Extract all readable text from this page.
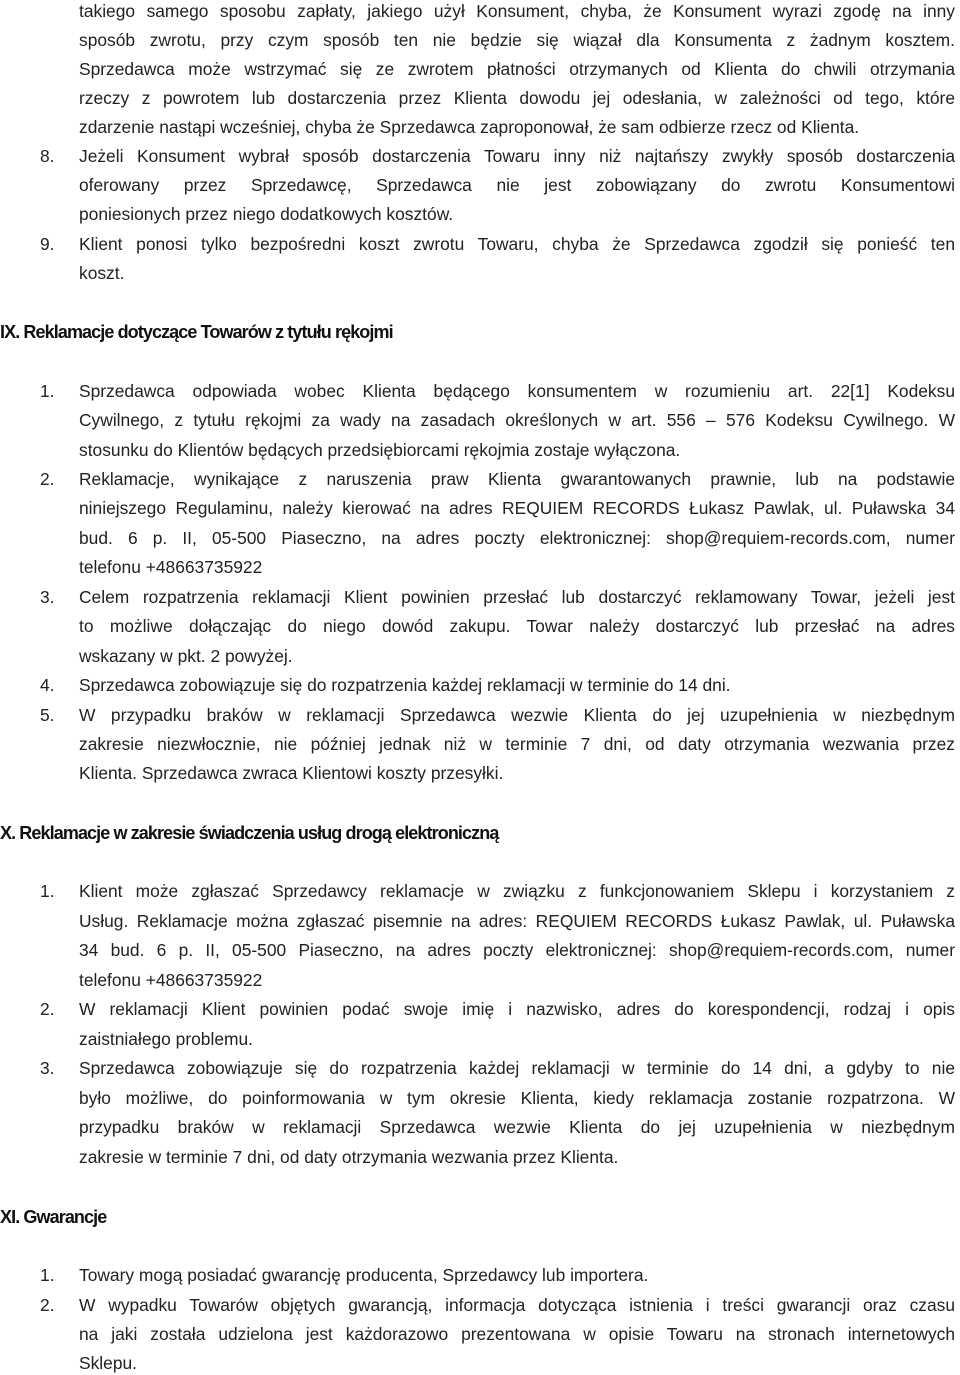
takiego samego sposobu zapłaty, jakiego użył Konsument, chyba, że Konsument wyrazi zgodę na inny
sposób zwrotu, przy czym sposób ten nie będzie się wiązał dla Konsumenta z żadnym kosztem.
Sprzedawca może wstrzymać się ze zwrotem płatności otrzymanych od Klienta do chwili otrzymania
rzeczy z powrotem lub dostarczenia przez Klienta dowodu jej odesłania, w zależności od tego, które
zdarzenie nastąpi wcześniej, chyba że Sprzedawca zaproponował, że sam odbierze rzecz od Klienta.
8. Jeżeli Konsument wybrał sposób dostarczenia Towaru inny niż najtańszy zwykły sposób dostarczenia
oferowany przez Sprzedawcę, Sprzedawca nie jest zobowiązany do zwrotu Konsumentowi
poniesionych przez niego dodatkowych kosztów.
9. Klient ponosi tylko bezpośredni koszt zwrotu Towaru, chyba że Sprzedawca zgodził się ponieść ten
koszt.
IX. Reklamacje dotyczące Towarów z tytułu rękojmi
1. Sprzedawca odpowiada wobec Klienta będącego konsumentem w rozumieniu art. 22[1] Kodeksu
Cywilnego, z tytułu rękojmi za wady na zasadach określonych w art. 556 – 576 Kodeksu Cywilnego. W
stosunku do Klientów będących przedsiębiorcami rękojmia zostaje wyłączona.
2. Reklamacje, wynikające z naruszenia praw Klienta gwarantowanych prawnie, lub na podstawie
niniejszego Regulaminu, należy kierować na adres REQUIEM RECORDS Łukasz Pawlak, ul. Puławska 34
bud. 6 p. II, 05-500 Piaseczno, na adres poczty elektronicznej: shop@requiem-records.com, numer
telefonu +48663735922
3. Celem rozpatrzenia reklamacji Klient powinien przesłać lub dostarczyć reklamowany Towar, jeżeli jest
to możliwe dołączając do niego dowód zakupu. Towar należy dostarczyć lub przesłać na adres
wskazany w pkt. 2 powyżej.
4. Sprzedawca zobowiązuje się do rozpatrzenia każdej reklamacji w terminie do 14 dni.
5. W przypadku braków w reklamacji Sprzedawca wezwie Klienta do jej uzupełnienia w niezbędnym
zakresie niezwłocznie, nie później jednak niż w terminie 7 dni, od daty otrzymania wezwania przez
Klienta. Sprzedawca zwraca Klientowi koszty przesyłki.
X. Reklamacje w zakresie świadczenia usług drogą elektroniczną
1. Klient może zgłaszać Sprzedawcy reklamacje w związku z funkcjonowaniem Sklepu i korzystaniem z
Usług. Reklamacje można zgłaszać pisemnie na adres: REQUIEM RECORDS Łukasz Pawlak, ul. Puławska
34 bud. 6 p. II, 05-500 Piaseczno, na adres poczty elektronicznej: shop@requiem-records.com, numer
telefonu +48663735922
2. W reklamacji Klient powinien podać swoje imię i nazwisko, adres do korespondencji, rodzaj i opis
zaistniałego problemu.
3. Sprzedawca zobowiązuje się do rozpatrzenia każdej reklamacji w terminie do 14 dni, a gdyby to nie
było możliwe, do poinformowania w tym okresie Klienta, kiedy reklamacja zostanie rozpatrzona. W
przypadku braków w reklamacji Sprzedawca wezwie Klienta do jej uzupełnienia w niezbędnym
zakresie w terminie 7 dni, od daty otrzymania wezwania przez Klienta.
XI. Gwarancje
1. Towary mogą posiadać gwarancję producenta, Sprzedawcy lub importera.
2. W wypadku Towarów objętych gwarancją, informacja dotycząca istnienia i treści gwarancji oraz czasu
na jaki została udzielona jest każdorazowo prezentowana w opisie Towaru na stronach internetowych
Sklepu.
